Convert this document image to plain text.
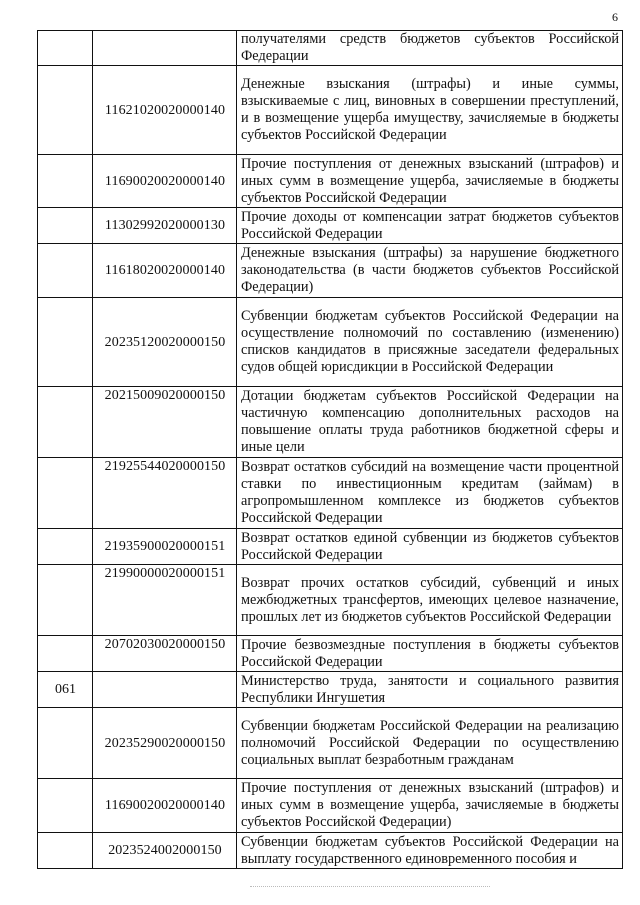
6
		получателями средств бюджетов субъектов Российской Федерации
	11621020020000140	Денежные взыскания (штрафы) и иные суммы, взыскиваемые с лиц, виновных в совершении преступлений, и в возмещение ущерба имуществу, зачисляемые в бюджеты субъектов Российской Федерации
	11690020020000140	Прочие поступления от денежных взысканий (штрафов) и иных сумм в возмещение ущерба, зачисляемые в бюджеты субъектов Российской Федерации
	11302992020000130	Прочие доходы от компенсации затрат бюджетов субъектов Российской Федерации
	11618020020000140	Денежные взыскания (штрафы) за нарушение бюджетного законодательства (в части бюджетов субъектов Российской Федерации)
	20235120020000150	Субвенции бюджетам субъектов Российской Федерации на осуществление полномочий по составлению (изменению) списков кандидатов в присяжные заседатели федеральных судов общей юрисдикции в Российской Федерации
	20215009020000150	Дотации бюджетам субъектов Российской Федерации на частичную компенсацию дополнительных расходов на повышение оплаты труда работников бюджетной сферы и иные цели
	21925544020000150	Возврат остатков субсидий на возмещение части процентной ставки по инвестиционным кредитам (займам) в агропромышленном комплексе из бюджетов субъектов Российской Федерации
	21935900020000151	Возврат остатков единой субвенции из бюджетов субъектов Российской Федерации
	21990000020000151	Возврат прочих остатков субсидий, субвенций и иных межбюджетных трансфертов, имеющих целевое назначение, прошлых лет из бюджетов субъектов Российской Федерации
	20702030020000150	Прочие безвозмездные поступления в бюджеты субъектов Российской Федерации
061		Министерство труда, занятости и социального развития Республики Ингушетия
	20235290020000150	Субвенции бюджетам Российской Федерации на реализацию полномочий Российской Федерации по осуществлению социальных выплат безработным гражданам
	11690020020000140	Прочие поступления от денежных взысканий (штрафов) и иных сумм в возмещение ущерба, зачисляемые в бюджеты субъектов Российской Федерации)
	2023524002000150	Субвенции бюджетам субъектов Российской Федерации на выплату государственного единовременного пособия и
